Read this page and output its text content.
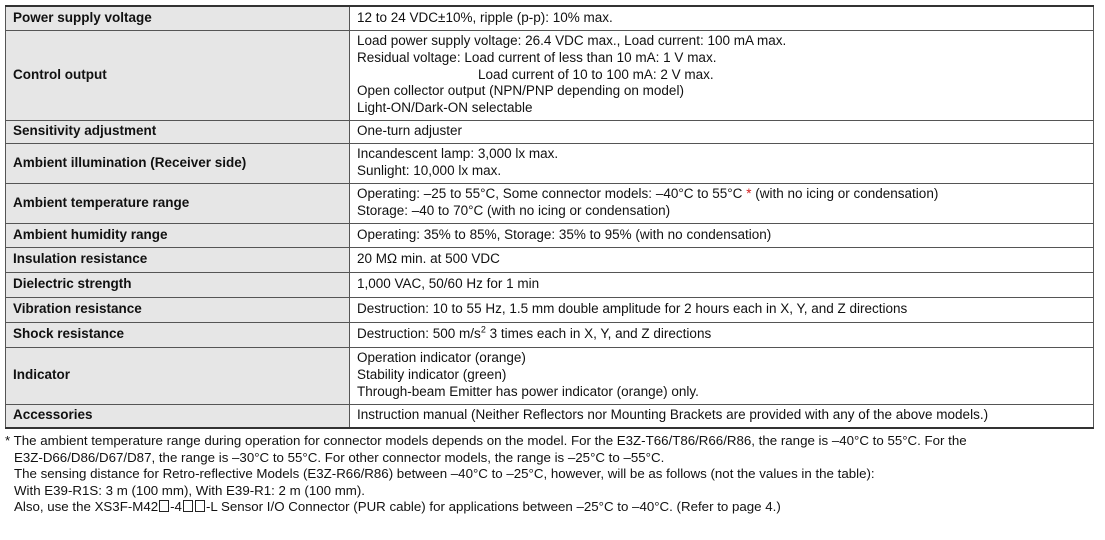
Power supply voltage	12 to 24 VDC±10%, ripple (p-p): 10% max.

Control output	Load power supply voltage: 26.4 VDC max., Load current: 100 mA max.
Residual voltage: Load current of less than 10 mA: 1 V max.
Load current of 10 to 100 mA: 2 V max.
Open collector output (NPN/PNP depending on model)
Light-ON/Dark-ON selectable

Sensitivity adjustment	One-turn adjuster

Ambient illumination (Receiver side)	Incandescent lamp: 3,000 lx max.
Sunlight: 10,000 lx max.

Ambient temperature range	Operating: –25 to 55°C, Some connector models: –40°C to 55°C * (with no icing or condensation)
Storage: –40 to 70°C (with no icing or condensation)

Ambient humidity range	Operating: 35% to 85%, Storage: 35% to 95% (with no condensation)

Insulation resistance	20 MΩ min. at 500 VDC

Dielectric strength	1,000 VAC, 50/60 Hz for 1 min

Vibration resistance	Destruction: 10 to 55 Hz, 1.5 mm double amplitude for 2 hours each in X, Y, and Z directions

Shock resistance	Destruction: 500 $m/s^2$ 3 times each in X, Y, and Z directions

Indicator	Operation indicator (orange)
Stability indicator (green)
Through-beam Emitter has power indicator (orange) only.

Accessories	Instruction manual (Neither Reflectors nor Mounting Brackets are provided with any of the above models.)
* The ambient temperature range during operation for connector models depends on the model. For the E3Z-T66/T86/R66/R86, the range is –40°C to 55°C. For the
E3Z-D66/D86/D67/D87, the range is –30°C to 55°C. For other connector models, the range is –25°C to –55°C.
The sensing distance for Retro-reflective Models (E3Z-R66/R86) between –40°C to –25°C, however, will be as follows (not the values in the table):
With E39-R1S: 3 m (100 mm), With E39-R1: 2 m (100 mm).
Also, use the XS3F-M42 -4 -L Sensor I/O Connector (PUR cable) for applications between –25°C to –40°C. (Refer to page 4.)
